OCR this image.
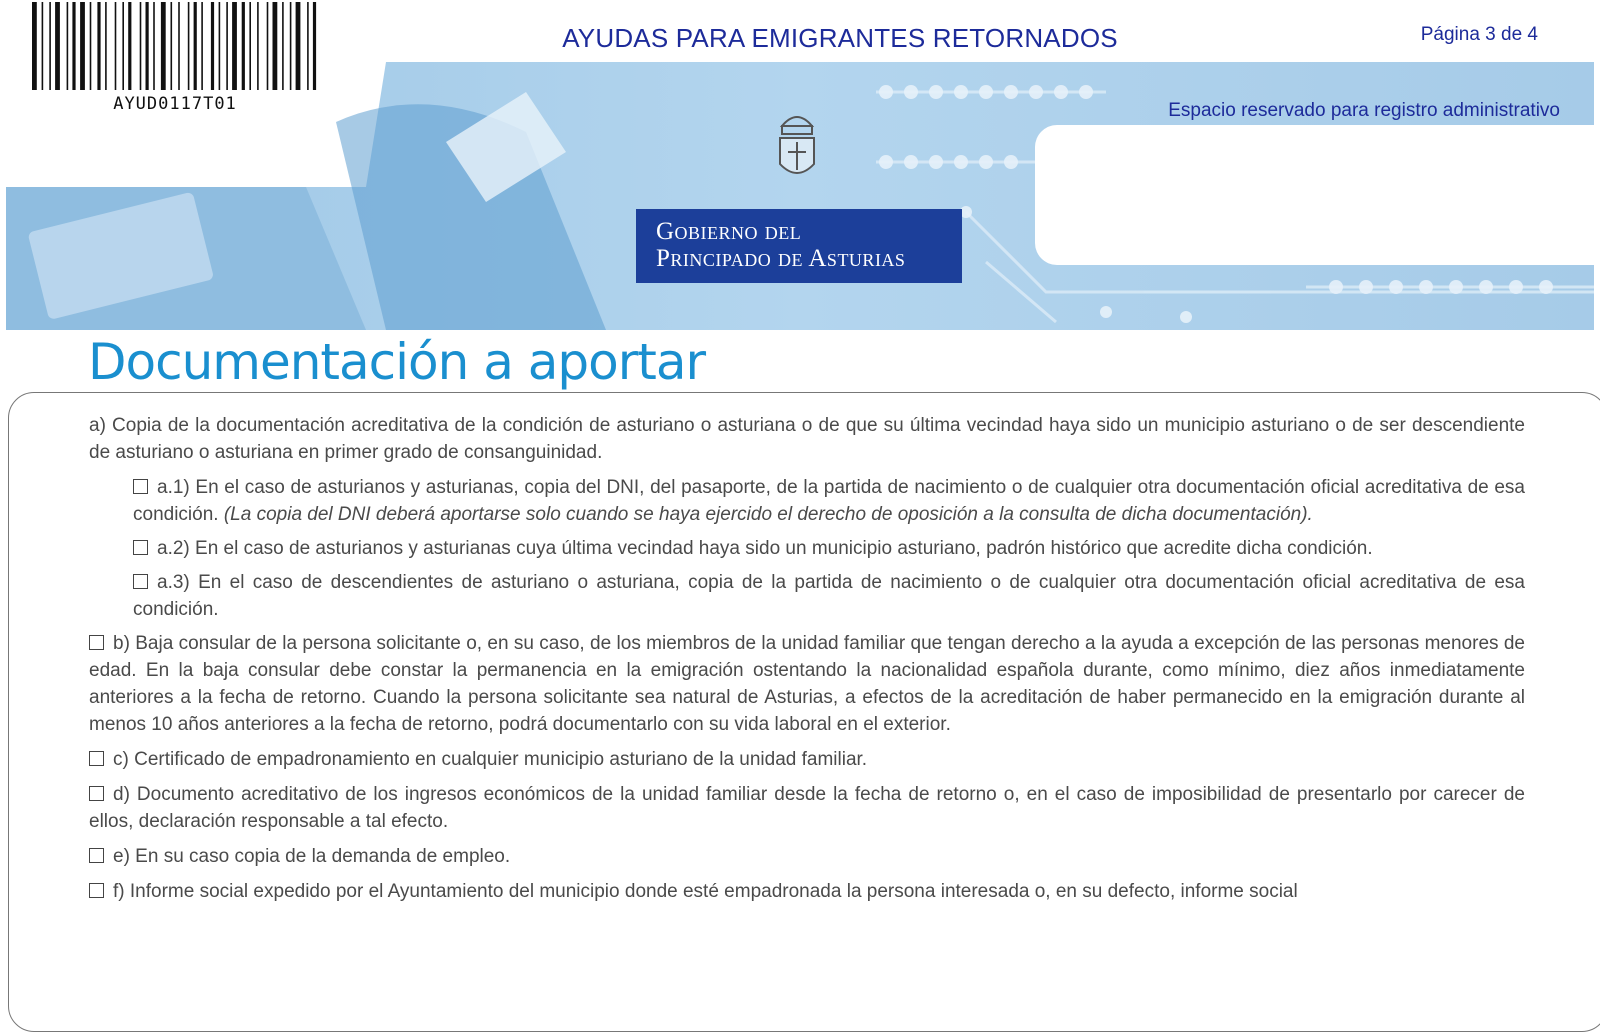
AYUD0117T01
AYUDAS PARA EMIGRANTES RETORNADOS	Página 3 de 4
Espacio reservado para registro administrativo
Gobierno del
Principado de Asturias
Documentación a aportar

a) Copia de la documentación acreditativa de la condición de asturiano o asturiana o de que su última vecindad haya sido un municipio asturiano o de ser descendiente de asturiano o asturiana en primer grado de consanguinidad.

a.1) En el caso de asturianos y asturianas, copia del DNI, del pasaporte, de la partida de nacimiento o de cualquier otra documentación oficial acreditativa de esa condición. (La copia del DNI deberá aportarse solo cuando se haya ejercido el derecho de oposición a la consulta de dicha documentación).

a.2) En el caso de asturianos y asturianas cuya última vecindad haya sido un municipio asturiano, padrón histórico que acredite dicha condición.

a.3) En el caso de descendientes de asturiano o asturiana, copia de la partida de nacimiento o de cualquier otra documentación oficial acreditativa de esa condición.

b) Baja consular de la persona solicitante o, en su caso, de los miembros de la unidad familiar que tengan derecho a la ayuda a excepción de las personas menores de edad. En la baja consular debe constar la permanencia en la emigración ostentando la nacionalidad española durante, como mínimo, diez años inmediatamente anteriores a la fecha de retorno. Cuando la persona solicitante sea natural de Asturias, a efectos de la acreditación de haber permanecido en la emigración durante al menos 10 años anteriores a la fecha de retorno, podrá documentarlo con su vida laboral en el exterior.

c) Certificado de empadronamiento en cualquier municipio asturiano de la unidad familiar.

d) Documento acreditativo de los ingresos económicos de la unidad familiar desde la fecha de retorno o, en el caso de imposibilidad de presentarlo por carecer de ellos, declaración responsable a tal efecto.

e) En su caso copia de la demanda de empleo.

f) Informe social expedido por el Ayuntamiento del municipio donde esté empadronada la persona interesada o, en su defecto, informe social
